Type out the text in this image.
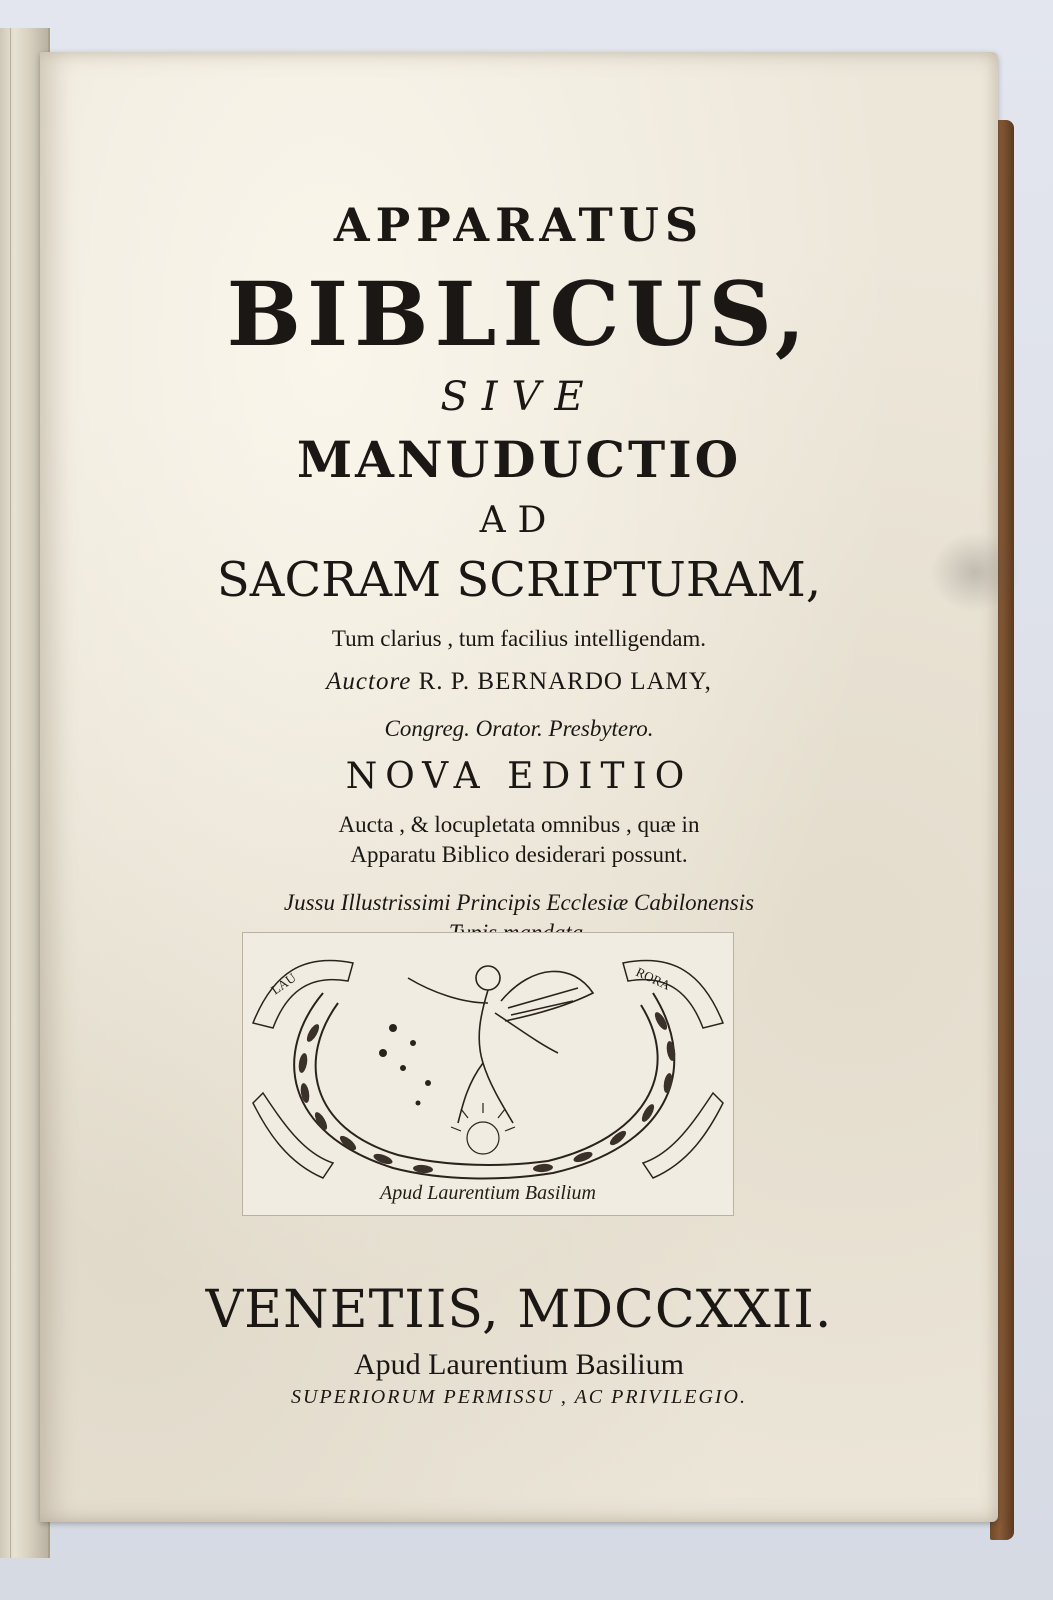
APPARATUS
BIBLICUS,
SIVE
MANUDUCTIO
AD
SACRAM SCRIPTURAM,
Tum clarius , tum facilius intelligendam.
Auctore R. P. BERNARDO LAMY,
Congreg. Orator. Presbytero.
NOVA EDITIO
Aucta , & locupletata omnibus , quæ in
Apparatu Biblico desiderari possunt.
Jussu Illustrissimi Principis Ecclesiæ Cabilonensis
LAU	RORA
Apud Laurentium Basilium
VENETIIS, MDCCXXII.
Apud Laurentium Basilium
SUPERIORUM PERMISSU , AC PRIVILEGIO.
